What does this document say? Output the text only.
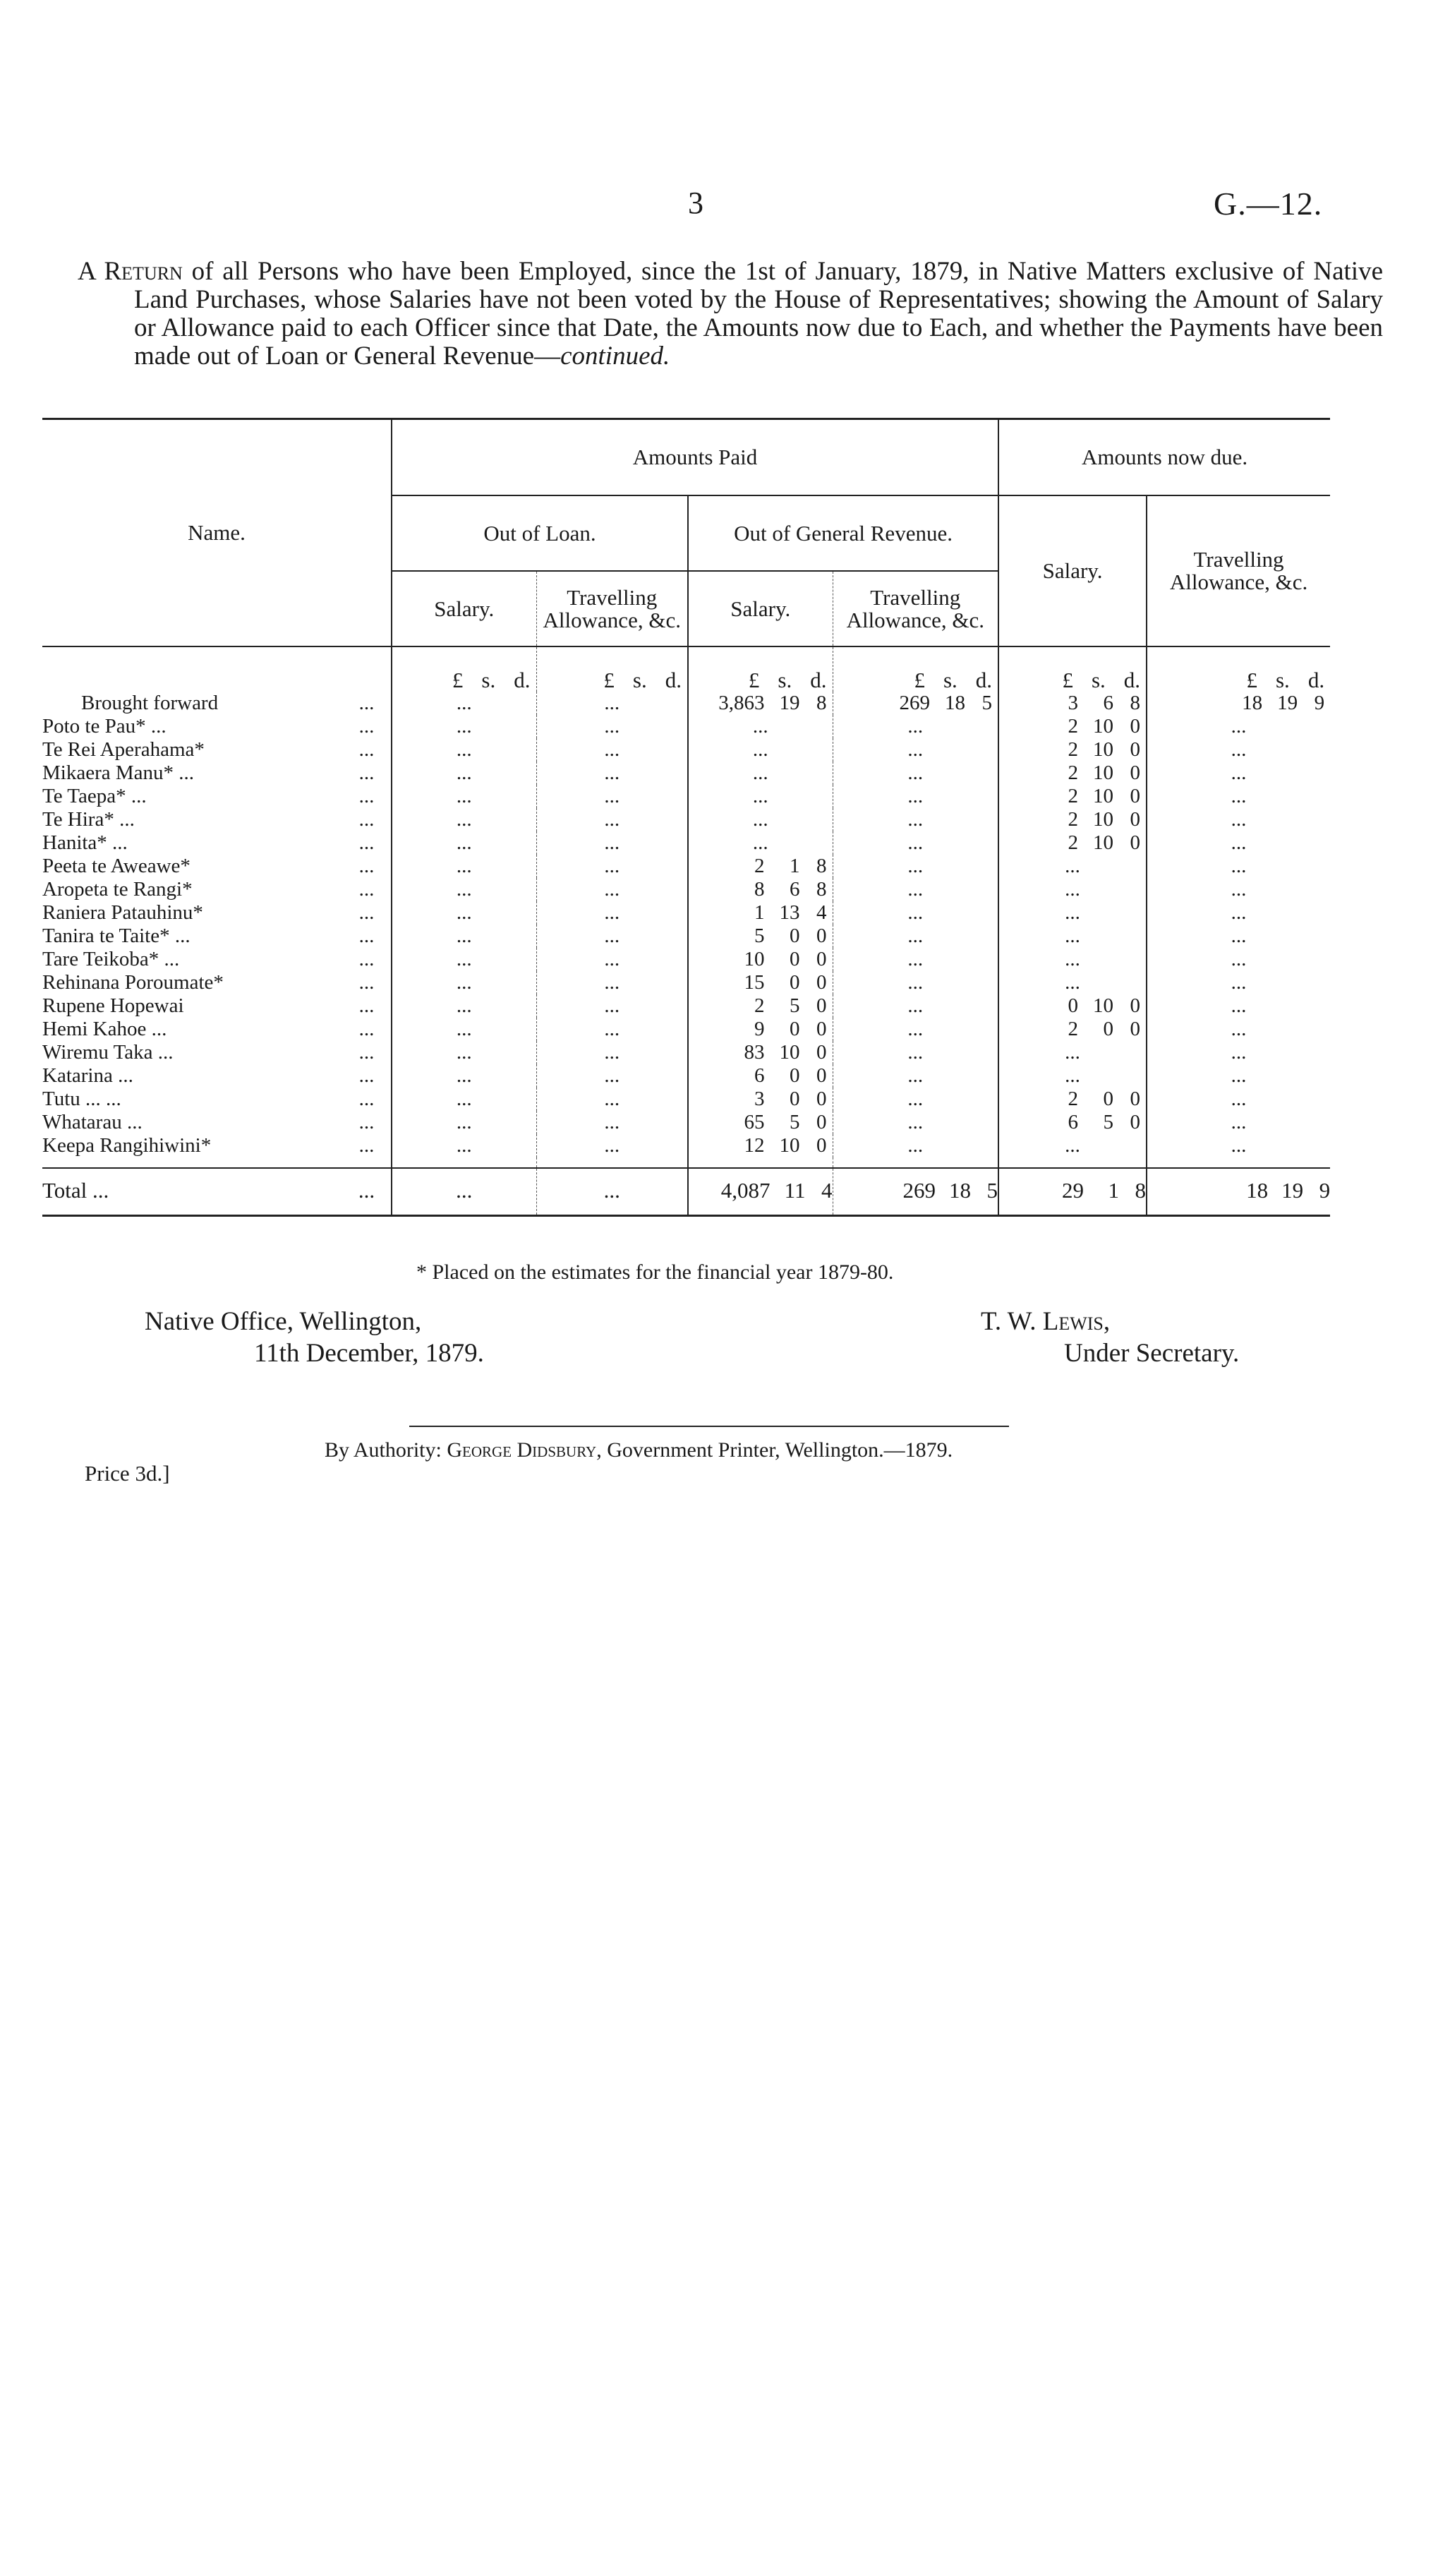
3	G.—12.
A Return of all Persons who have been Employed, since the 1st of January, 1879, in Native Matters exclusive of Native Land Purchases, whose Salaries have not been voted by the House of Representatives; showing the Amount of Salary or Allowance paid to each Officer since that Date, the Amounts now due to Each, and whether the Payments have been made out of Loan or General Revenue—continued.
Name.		Amounts Paid				Amounts now due.	
		Out of Loan.		Out of General Revenue.		Salary.	Travelling Allowance, &c.
		Salary.	Travelling Allowance, &c.	Salary.	Travelling Allowance, &c.		

		£ s. d.	£ s. d.	£ s. d.	£ s. d.	£ s. d.	£ s. d.

Brought forward	...	...	...	3,863 19 8	269 18 5	3 6 8	18 19 9

Poto te Pau* ...	...	...	...	...	...	2 10 0	...

Te Rei Aperahama*	...	...	...	...	...	2 10 0	...

Mikaera Manu* ...	...	...	...	...	...	2 10 0	...

Te Taepa* ...	...	...	...	...	...	2 10 0	...

Te Hira* ...	...	...	...	...	...	2 10 0	...

Hanita* ...	...	...	...	...	...	2 10 0	...

Peeta te Aweawe*	...	...	...	2 1 8	...	...	...

Aropeta te Rangi*	...	...	...	8 6 8	...	...	...

Raniera Patauhinu*	...	...	...	1 13 4	...	...	...

Tanira te Taite* ...	...	...	...	5 0 0	...	...	...

Tare Teikoba* ...	...	...	...	10 0 0	...	...	...

Rehinana Poroumate*	...	...	...	15 0 0	...	...	...

Rupene Hopewai	...	...	...	2 5 0	...	0 10 0	...

Hemi Kahoe ...	...	...	...	9 0 0	...	2 0 0	...

Wiremu Taka ...	...	...	...	83 10 0	...	...	...

Katarina ...	...	...	...	6 0 0	...	...	...

Tutu ... ...	...	...	...	3 0 0	...	2 0 0	...

Whatarau ...	...	...	...	65 5 0	...	6 5 0	...

Keepa Rangihiwini*	...	...	...	12 10 0	...	...	...

Total ...	...	...	...	4,087 11 4	269 18 5	29 1 8	18 19 9
* Placed on the estimates for the financial year 1879-80.
Native Office, Wellington,
11th December, 1879.
T. W. Lewis,
Under Secretary.
By Authority: George Didsbury, Government Printer, Wellington.—1879.
Price 3d.]
